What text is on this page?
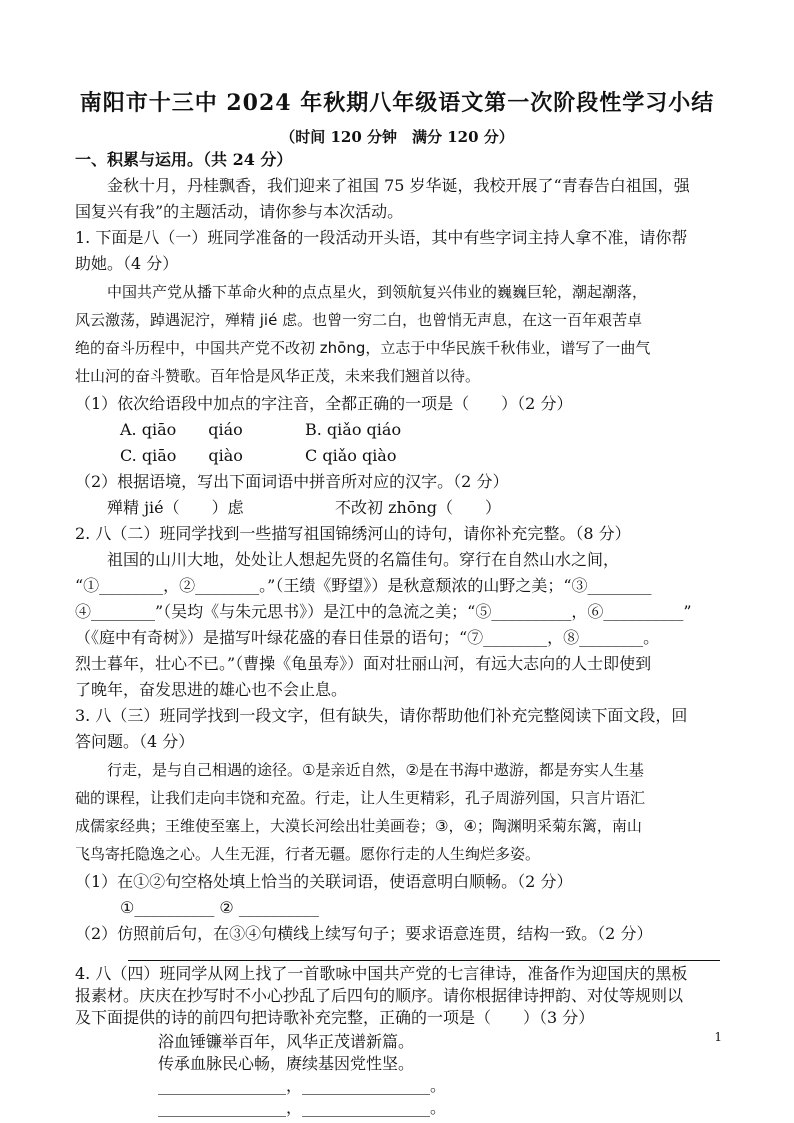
南阳市十三中 2024 年秋期八年级语文第一次阶段性学习小结
（时间 120 分钟　满分 120 分）
一、积累与运用。（共 24 分）
金秋十月，丹桂飘香，我们迎来了祖国 75 岁华诞，我校开展了“青春告白祖国，强
国复兴有我”的主题活动，请你参与本次活动。
1. 下面是八（一）班同学准备的一段活动开头语，其中有些字词主持人拿不准，请你帮
助她。（4 分）
中国共产党从播下革命火种的点点星火，到领航复兴伟业的巍巍巨轮，潮起潮落，
风云激荡，踔遇泥泞，殚精 jié 虑。也曾一穷二白，也曾悄无声息，在这一百年艰苦卓
绝的奋斗历程中，中国共产党不改初 zhōng，立志于中华民族千秋伟业，谱写了一曲气
壮山河的奋斗赞歌。百年恰是风华正茂，未来我们翘首以待。
（1）依次给语段中加点的字注音，全都正确的一项是（　　）（2 分）
A. qiāo　　qiáo	B. qiǎo qiáo
C. qiāo　　qiào	C qiǎo qiào
（2）根据语境，写出下面词语中拼音所对应的汉字。（2 分）
殚精 jié（　　）虑	不改初 zhōng（　　）
2. 八（二）班同学找到一些描写祖国锦绣河山的诗句，请你补充完整。（8 分）
祖国的山川大地，处处让人想起先贤的名篇佳句。穿行在自然山水之间，
“①________，②________。”（王绩《野望》）是秋意颓浓的山野之美；“③________
④________”（吴均《与朱元思书》）是江中的急流之美；“⑤__________，⑥__________”
（《庭中有奇树》）是描写叶绿花盛的春日佳景的语句；“⑦________，⑧________。
烈士暮年，壮心不已。”（曹操《龟虽寿》）面对壮丽山河，有远大志向的人士即使到
了晚年，奋发思进的雄心也不会止息。
3. 八（三）班同学找到一段文字，但有缺失，请你帮助他们补充完整阅读下面文段，回
答问题。（4 分）
行走，是与自己相遇的途径。①是亲近自然，②是在书海中遨游，都是夯实人生基
础的课程，让我们走向丰饶和充盈。行走，让人生更精彩，孔子周游列国，只言片语汇
成儒家经典；王维使至塞上，大漠长河绘出壮美画卷；③，④；陶渊明采菊东篱，南山
飞鸟寄托隐逸之心。人生无涯，行者无疆。愿你行走的人生绚烂多姿。
（1）在①②句空格处填上恰当的关联词语，使语意明白顺畅。（2 分）
①__________ ② __________
（2）仿照前后句，在③④句横线上续写句子；要求语意连贯，结构一致。（2 分）
4. 八（四）班同学从网上找了一首歌咏中国共产党的七言律诗，准备作为迎国庆的黑板
报素材。庆庆在抄写时不小心抄乱了后四句的顺序。请你根据律诗押韵、对仗等规则以
及下面提供的诗的前四句把诗歌补充完整，正确的一项是（　　）（3 分）
浴血锤镰举百年，风华正茂谱新篇。
传承血脉民心畅，赓续基因党性坚。
________________，________________。
________________，________________。
1
